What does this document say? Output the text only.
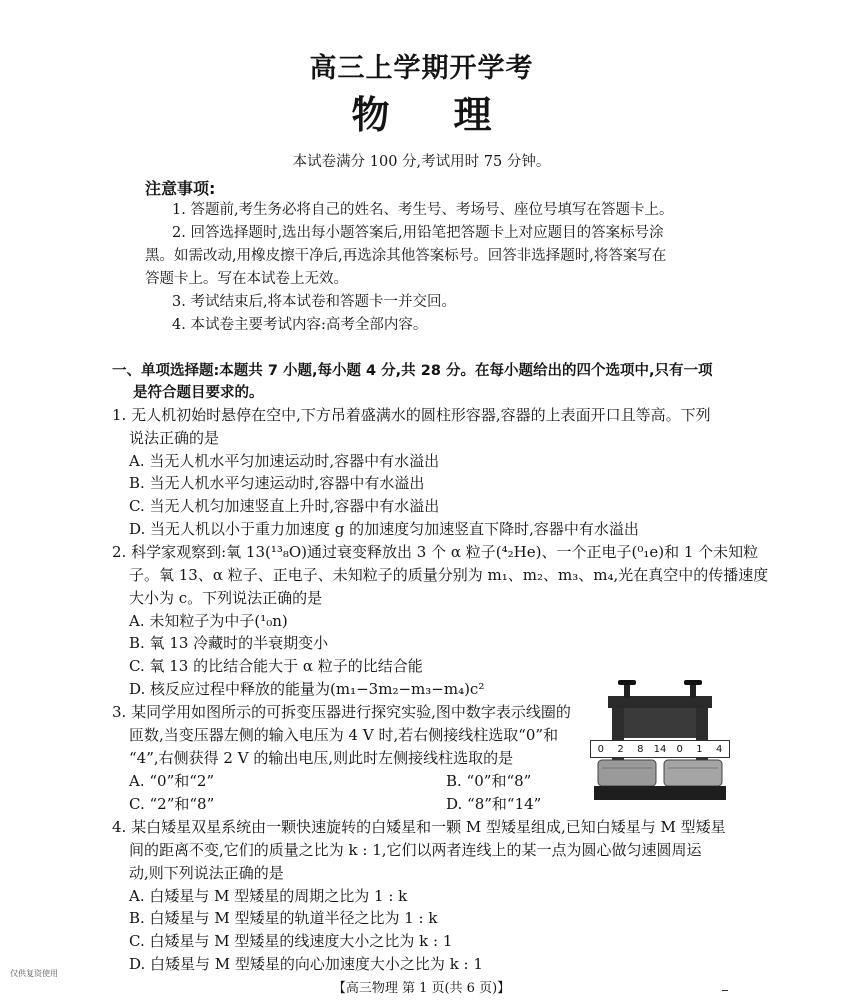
高三上学期开学考
物理
本试卷满分 100 分,考试用时 75 分钟。
注意事项:
1. 答题前,考生务必将自己的姓名、考生号、考场号、座位号填写在答题卡上。
2. 回答选择题时,选出每小题答案后,用铅笔把答题卡上对应题目的答案标号涂
黑。如需改动,用橡皮擦干净后,再选涂其他答案标号。回答非选择题时,将答案写在
答题卡上。写在本试卷上无效。
3. 考试结束后,将本试卷和答题卡一并交回。
4. 本试卷主要考试内容:高考全部内容。
一、单项选择题:本题共 7 小题,每小题 4 分,共 28 分。在每小题给出的四个选项中,只有一项
是符合题目要求的。
1. 无人机初始时悬停在空中,下方吊着盛满水的圆柱形容器,容器的上表面开口且等高。下列
说法正确的是
A. 当无人机水平匀加速运动时,容器中有水溢出
B. 当无人机水平匀速运动时,容器中有水溢出
C. 当无人机匀加速竖直上升时,容器中有水溢出
D. 当无人机以小于重力加速度 g 的加速度匀加速竖直下降时,容器中有水溢出
2. 科学家观察到:氧 13(¹³₈O)通过衰变释放出 3 个 α 粒子(⁴₂He)、一个正电子(⁰₁e)和 1 个未知粒
子。氧 13、α 粒子、正电子、未知粒子的质量分别为 m₁、m₂、m₃、m₄,光在真空中的传播速度
大小为 c。下列说法正确的是
A. 未知粒子为中子(¹₀n)
B. 氧 13 冷藏时的半衰期变小
C. 氧 13 的比结合能大于 α 粒子的比结合能
D. 核反应过程中释放的能量为(m₁−3m₂−m₃−m₄)c²
3. 某同学用如图所示的可拆变压器进行探究实验,图中数字表示线圈的
匝数,当变压器左侧的输入电压为 4 V 时,若右侧接线柱选取“0”和
“4”,右侧获得 2 V 的输出电压,则此时左侧接线柱选取的是
A. “0”和“2”	B. “0”和“8”
C. “2”和“8”	D. “8”和“14”
0	2	8	14	0	1	4
4. 某白矮星双星系统由一颗快速旋转的白矮星和一颗 M 型矮星组成,已知白矮星与 M 型矮星
间的距离不变,它们的质量之比为 k : 1,它们以两者连线上的某一点为圆心做匀速圆周运
动,则下列说法正确的是
A. 白矮星与 M 型矮星的周期之比为 1 : k
B. 白矮星与 M 型矮星的轨道半径之比为 1 : k
C. 白矮星与 M 型矮星的线速度大小之比为 k : 1
D. 白矮星与 M 型矮星的向心加速度大小之比为 k : 1
仅供复资使用
【高三物理 第 1 页(共 6 页)】
